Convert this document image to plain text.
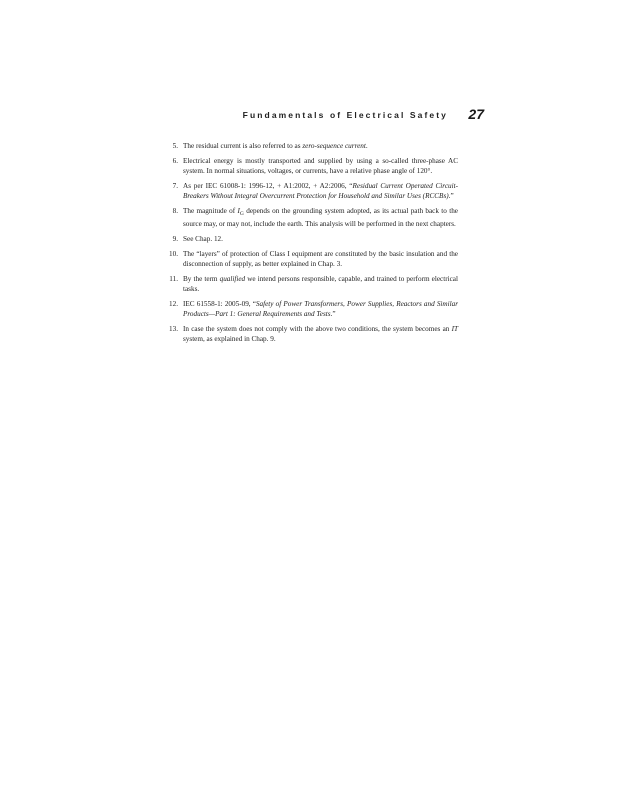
Fundamentals of Electrical Safety 27
5. The residual current is also referred to as zero-sequence current.
6. Electrical energy is mostly transported and supplied by using a so-called three-phase AC system. In normal situations, voltages, or currents, have a relative phase angle of 120°.
7. As per IEC 61008-1: 1996-12, + A1:2002, + A2:2006, “Residual Current Operated Circuit-Breakers Without Integral Overcurrent Protection for Household and Similar Uses (RCCBs).”
8. The magnitude of $I_G$ depends on the grounding system adopted, as its actual path back to the source may, or may not, include the earth. This analysis will be performed in the next chapters.
9. See Chap. 12.
10. The “layers” of protection of Class I equipment are constituted by the basic insulation and the disconnection of supply, as better explained in Chap. 3.
11. By the term qualified we intend persons responsible, capable, and trained to perform electrical tasks.
12. IEC 61558-1: 2005-09, “Safety of Power Transformers, Power Supplies, Reactors and Similar Products—Part 1: General Requirements and Tests.”
13. In case the system does not comply with the above two conditions, the system becomes an IT system, as explained in Chap. 9.
